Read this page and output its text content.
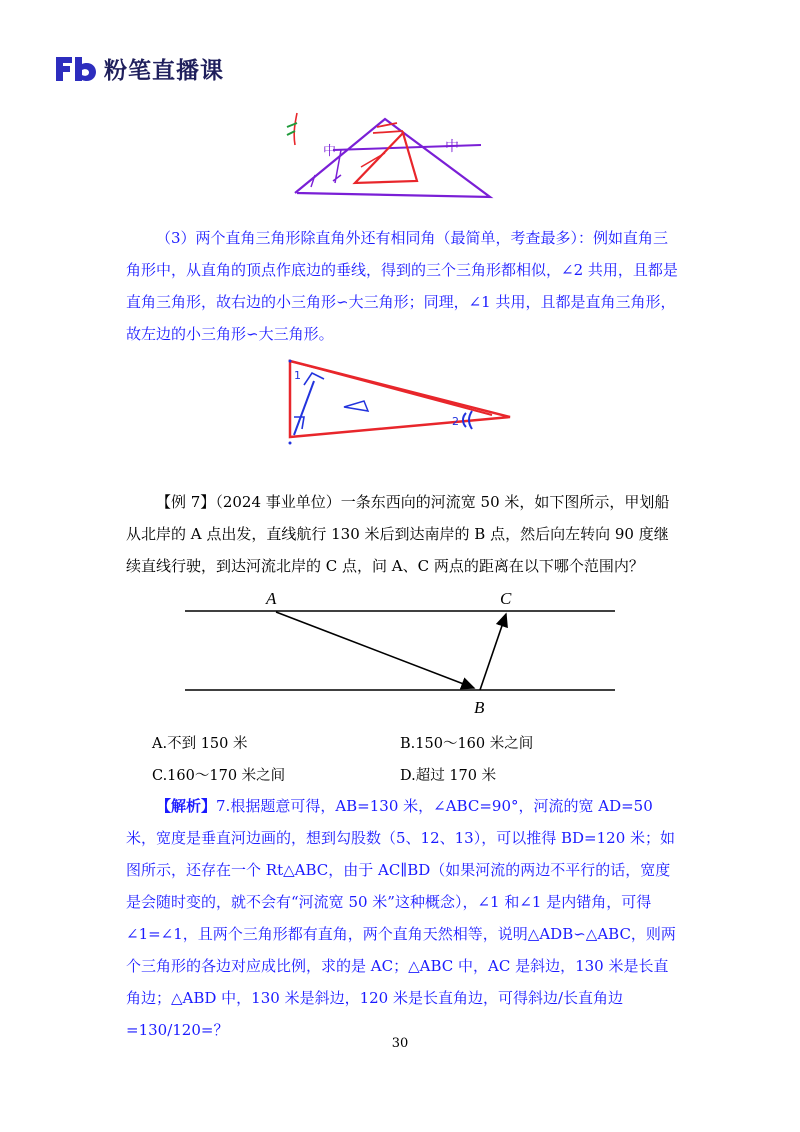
粉笔直播课
中	中

（3）两个直角三角形除直角外还有相同角（最简单，考查最多）：例如直角三角形中，从直角的顶点作底边的垂线，得到的三个三角形都相似，∠2 共用，且都是直角三角形，故右边的小三角形∽大三角形；同理，∠1 共用，且都是直角三角形，故左边的小三角形∽大三角形。

1
2

【例 7】（2024 事业单位）一条东西向的河流宽 50 米，如下图所示，甲划船从北岸的 A 点出发，直线航行 130 米后到达南岸的 B 点，然后向左转向 90 度继续直线行驶，到达河流北岸的 C 点，问 A、C 两点的距离在以下哪个范围内？

A	C
B
A.不到 150 米	B.150～160 米之间
C.160～170 米之间	D.超过 170 米

【解析】7.根据题意可得，AB=130 米，∠ABC=90°，河流的宽 AD=50 米，宽度是垂直河边画的，想到勾股数（5、12、13），可以推得 BD=120 米；如图所示，还存在一个 Rt△ABC，由于 AC∥BD（如果河流的两边不平行的话，宽度是会随时变的，就不会有“河流宽 50 米”这种概念），∠1 和∠1 是内错角，可得∠1=∠1，且两个三角形都有直角，两个直角天然相等，说明△ADB∽△ABC，则两个三角形的各边对应成比例，求的是 AC；△ABC 中，AC 是斜边，130 米是长直角边；△ABD 中，130 米是斜边，120 米是长直角边，可得斜边/长直角边=130/120=？

30
